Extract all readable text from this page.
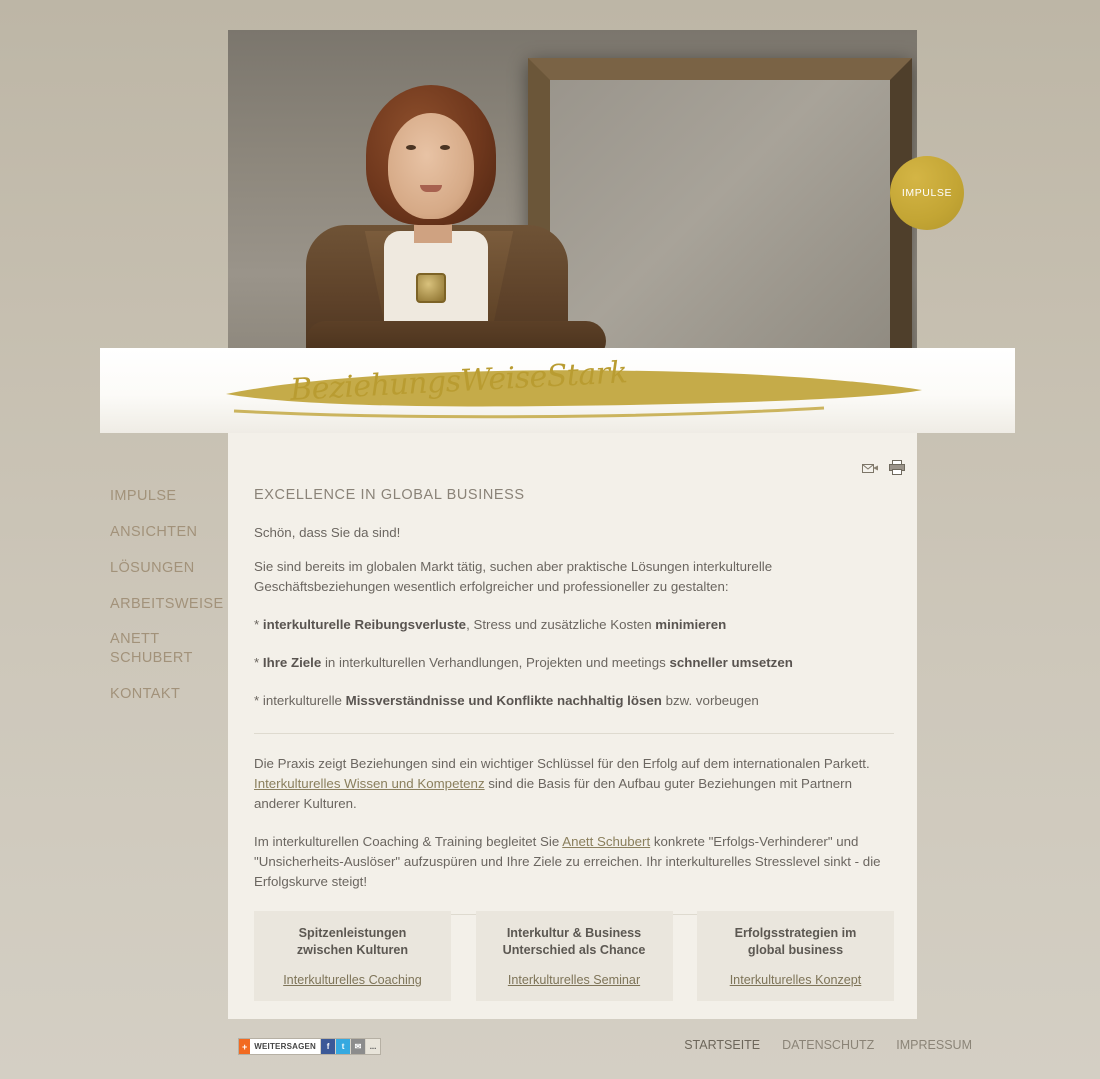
IMPULSE
BeziehungsWeiseStark
EXCELLENCE IN GLOBAL BUSINESS

Schön, dass Sie da sind!

Sie sind bereits im globalen Markt tätig, suchen aber praktische Lösungen interkulturelle Geschäftsbeziehungen wesentlich erfolgreicher und professioneller zu gestalten:

* interkulturelle Reibungsverluste, Stress und zusätzliche Kosten minimieren

* Ihre Ziele in interkulturellen Verhandlungen, Projekten und meetings schneller umsetzen

* interkulturelle Missverständnisse und Konflikte nachhaltig lösen bzw. vorbeugen

Die Praxis zeigt Beziehungen sind ein wichtiger Schlüssel für den Erfolg auf dem internationalen Parkett. Interkulturelles Wissen und Kompetenz sind die Basis für den Aufbau guter Beziehungen mit Partnern anderer Kulturen.

Im interkulturellen Coaching & Training begleitet Sie Anett Schubert konkrete "Erfolgs-Verhinderer" und "Unsicherheits-Auslöser" aufzuspüren und Ihre Ziele zu erreichen. Ihr interkulturelles Stresslevel sinkt - die Erfolgskurve steigt!

Spitzenleistungen
zwischen Kulturen
Interkulturelles Coaching
Interkultur & Business
Unterschied als Chance
Interkulturelles Seminar
Erfolgsstrategien im
global business
Interkulturelles Konzept
IMPULSE
ANSICHTEN
LÖSUNGEN
ARBEITSWEISE
ANETT SCHUBERT
KONTAKT
+ WEITERSAGEN	f	t	✉	...	STARTSEITE DATENSCHUTZ IMPRESSUM
